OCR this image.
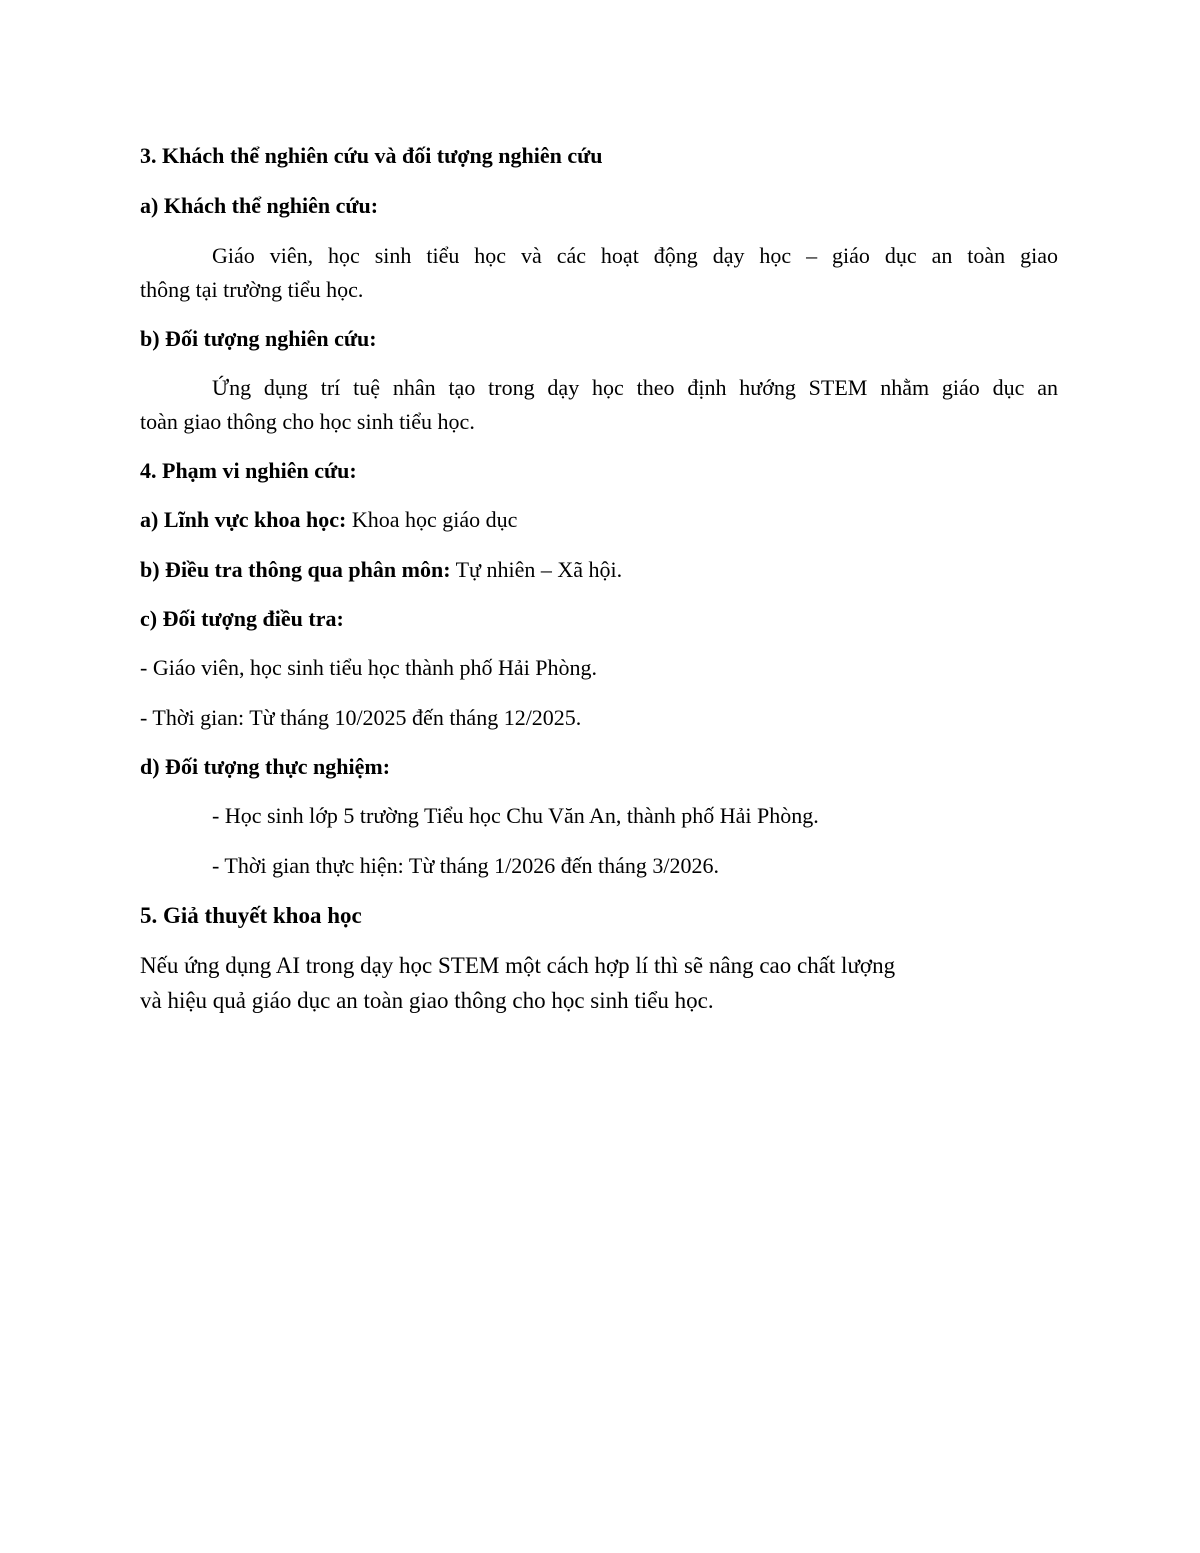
3. Khách thể nghiên cứu và đối tượng nghiên cứu
a) Khách thể nghiên cứu:
Giáo viên, học sinh tiểu học và các hoạt động dạy học – giáo dục an toàn giao
thông tại trường tiểu học.
b) Đối tượng nghiên cứu:
Ứng dụng trí tuệ nhân tạo trong dạy học theo định hướng STEM nhằm giáo dục an
toàn giao thông cho học sinh tiểu học.
4. Phạm vi nghiên cứu:
a) Lĩnh vực khoa học: Khoa học giáo dục
b) Điều tra thông qua phân môn: Tự nhiên – Xã hội.
c) Đối tượng điều tra:
- Giáo viên, học sinh tiểu học thành phố Hải Phòng.
- Thời gian: Từ tháng 10/2025 đến tháng 12/2025.
d) Đối tượng thực nghiệm:
- Học sinh lớp 5 trường Tiểu học Chu Văn An, thành phố Hải Phòng.
- Thời gian thực hiện: Từ tháng 1/2026 đến tháng 3/2026.
5. Giả thuyết khoa học
Nếu ứng dụng AI trong dạy học STEM một cách hợp lí thì sẽ nâng cao chất lượng
và hiệu quả giáo dục an toàn giao thông cho học sinh tiểu học.
